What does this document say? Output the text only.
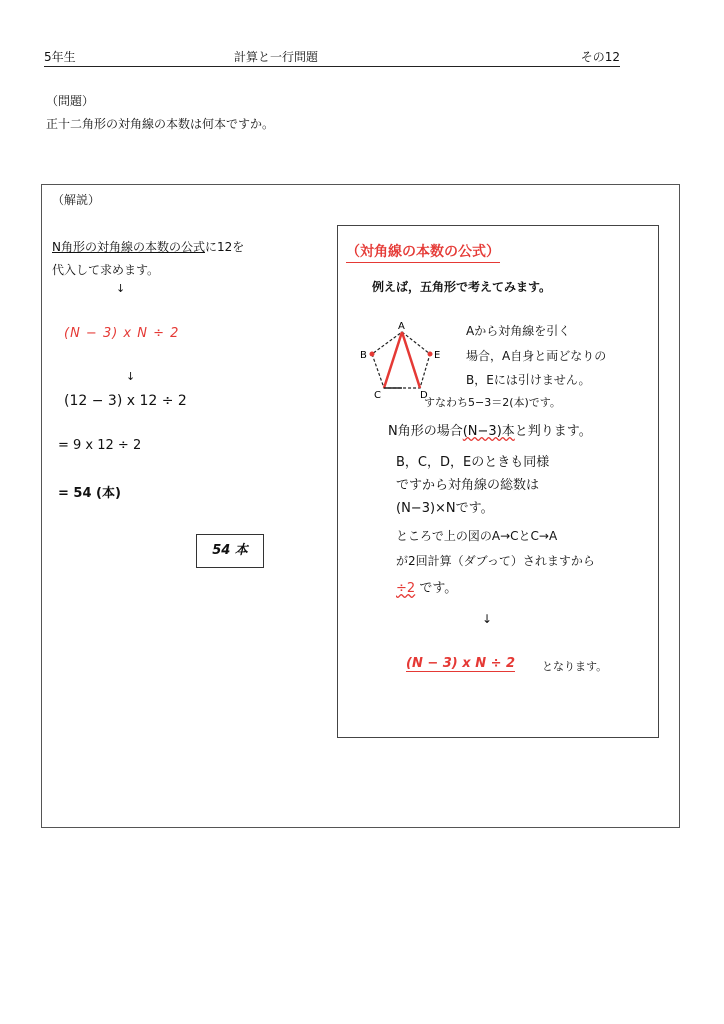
5年生	計算と一行問題	その12
（問題）
正十二角形の対角線の本数は何本ですか。
（解説）
N角形の対角線の本数の公式に12を
代入して求めます。
↓
(N − 3) x N ÷ 2
↓
(12 − 3) x 12 ÷ 2
= 9 x 12 ÷ 2
= 54 (本)
54 本
（対角線の本数の公式）
例えば，五角形で考えてみます。
A
B
C	D
E
Aから対角線を引く
場合，A自身と両どなりの
B，Eには引けません。
すなわち5−3＝2(本)です。
N角形の場合(N−3)本と判ります。
B，C，D，Eのときも同様
ですから対角線の総数は
(N−3)×Nです。
ところで上の図のA→CとC→A
が2回計算（ダブって）されますから
÷2 です。
↓
(N − 3) x N ÷ 2 となります。
